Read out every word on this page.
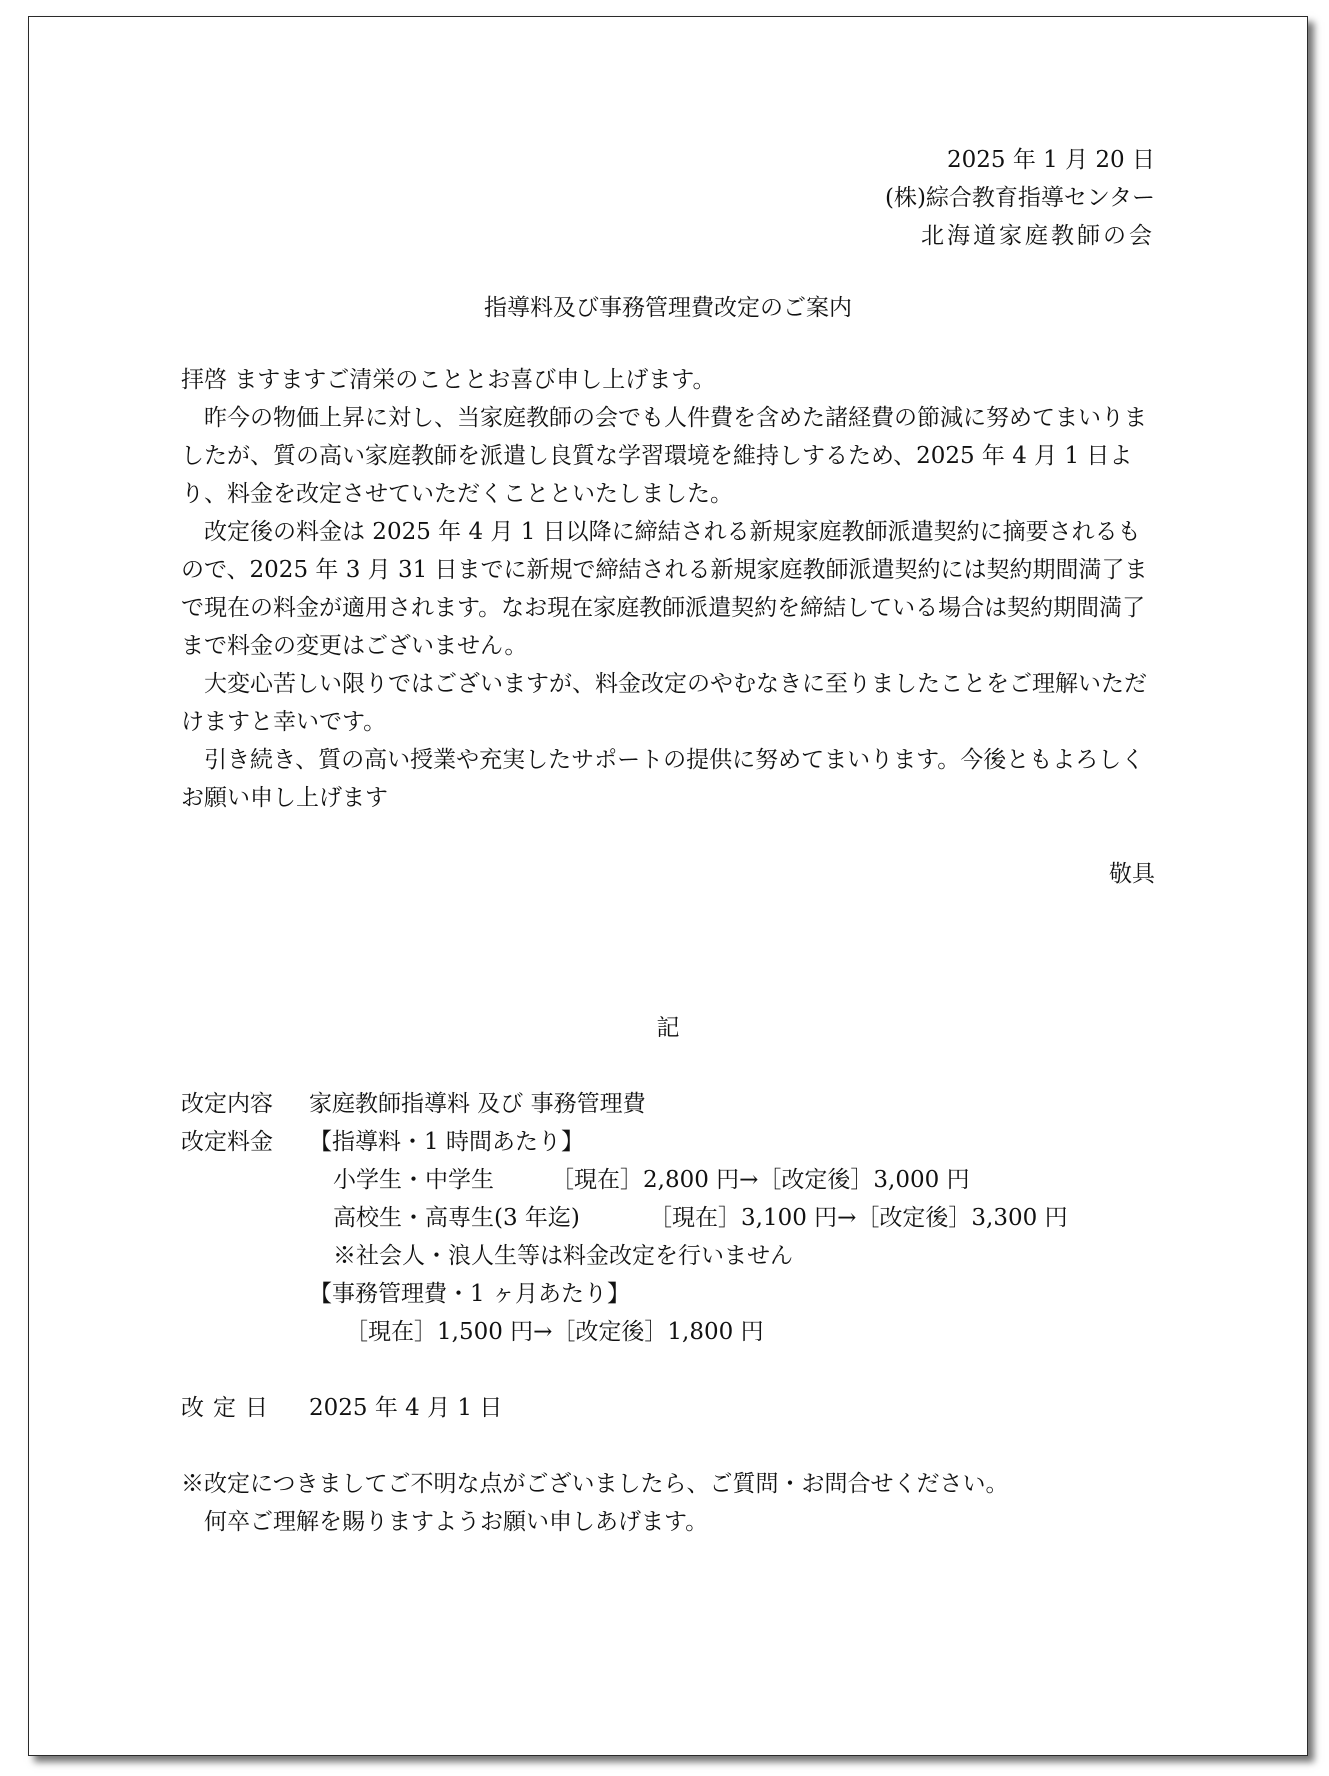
2025 年 1 月 20 日
(株)綜合教育指導センター
北海道家庭教師の会
指導料及び事務管理費改定のご案内

拝啓 ますますご清栄のこととお喜び申し上げます。

昨今の物価上昇に対し、当家庭教師の会でも人件費を含めた諸経費の節減に努めてまいりましたが、質の高い家庭教師を派遣し良質な学習環境を維持しするため、2025 年 4 月 1 日より、料金を改定させていただくことといたしました。

改定後の料金は 2025 年 4 月 1 日以降に締結される新規家庭教師派遣契約に摘要されるもので、2025 年 3 月 31 日までに新規で締結される新規家庭教師派遣契約には契約期間満了まで現在の料金が適用されます。なお現在家庭教師派遣契約を締結している場合は契約期間満了まで料金の変更はございません。

大変心苦しい限りではございますが、料金改定のやむなきに至りましたことをご理解いただけますと幸いです。

引き続き、質の高い授業や充実したサポートの提供に努めてまいります。今後ともよろしくお願い申し上げます

敬具
記
改定内容	家庭教師指導料 及び 事務管理費
改定料金	【指導料・1 時間あたり】
小学生・中学生 ［現在］2,800 円→［改定後］3,000 円
高校生・高専生(3 年迄)	［現在］3,100 円→［改定後］3,300 円
※社会人・浪人生等は料金改定を行いません
【事務管理費・1 ヶ月あたり】
［現在］1,500 円→［改定後］1,800 円
改定日	2025 年 4 月 1 日

※改定につきましてご不明な点がございましたら、ご質問・お問合せください。

何卒ご理解を賜りますようお願い申しあげます。
